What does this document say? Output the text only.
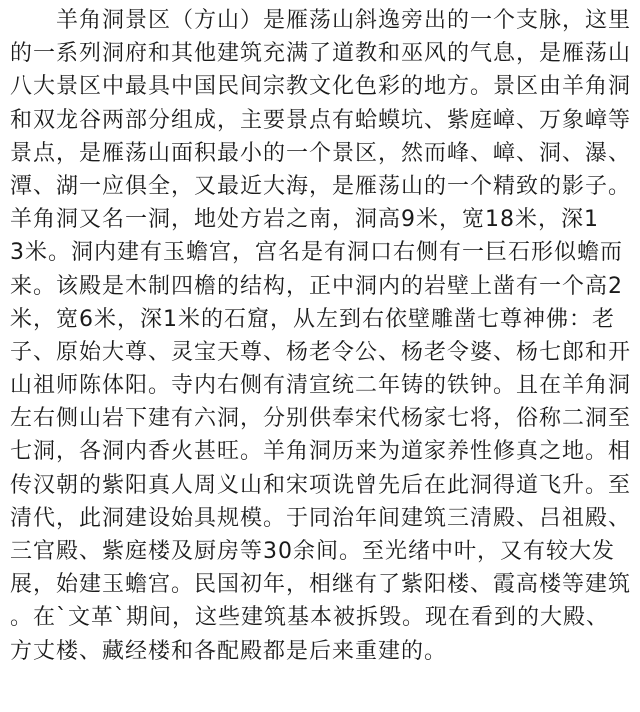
　　羊角洞景区（方山）是雁荡山斜逸旁出的一个支脉，这里
的一系列洞府和其他建筑充满了道教和巫风的气息，是雁荡山
八大景区中最具中国民间宗教文化色彩的地方。景区由羊角洞
和双龙谷两部分组成，主要景点有蛤蟆坑、紫庭嶂、万象嶂等
景点，是雁荡山面积最小的一个景区，然而峰、嶂、洞、瀑、
潭、湖一应俱全，又最近大海，是雁荡山的一个精致的影子。
羊角洞又名一洞，地处方岩之南，洞高9米，宽18米，深1
3米。洞内建有玉蟾宫，宫名是有洞口右侧有一巨石形似蟾而
来。该殿是木制四檐的结构，正中洞内的岩壁上凿有一个高2
米，宽6米，深1米的石窟，从左到右依壁雕凿七尊神佛：老
子、原始大尊、灵宝天尊、杨老令公、杨老令婆、杨七郎和开
山祖师陈体阳。寺内右侧有清宣统二年铸的铁钟。且在羊角洞
左右侧山岩下建有六洞，分别供奉宋代杨家七将，俗称二洞至
七洞，各洞内香火甚旺。羊角洞历来为道家养性修真之地。相
传汉朝的紫阳真人周义山和宋项诜曾先后在此洞得道飞升。至
清代，此洞建设始具规模。于同治年间建筑三清殿、吕祖殿、
三官殿、紫庭楼及厨房等30余间。至光绪中叶，又有较大发
展，始建玉蟾宫。民国初年，相继有了紫阳楼、霞高楼等建筑
。在`文革`期间，这些建筑基本被拆毁。现在看到的大殿、
方丈楼、藏经楼和各配殿都是后来重建的。
